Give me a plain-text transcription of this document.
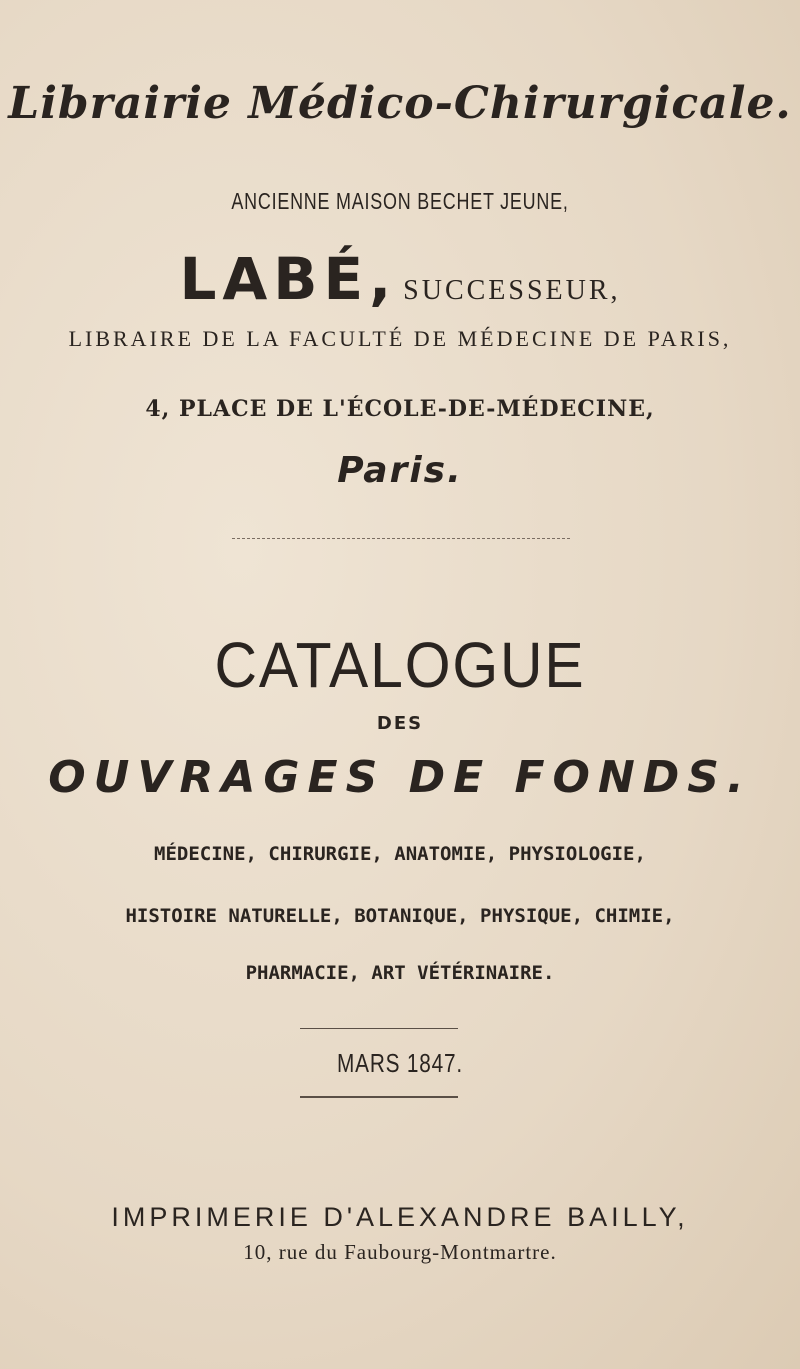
Librairie Médico-Chirurgicale.
ANCIENNE MAISON BECHET JEUNE,
LABÉ, SUCCESSEUR,
LIBRAIRE DE LA FACULTÉ DE MÉDECINE DE PARIS,
4, PLACE DE L'ÉCOLE-DE-MÉDECINE,
Paris.
CATALOGUE
DES
OUVRAGES DE FONDS.
MÉDECINE, CHIRURGIE, ANATOMIE, PHYSIOLOGIE,
HISTOIRE NATURELLE, BOTANIQUE, PHYSIQUE, CHIMIE,
PHARMACIE, ART VÉTÉRINAIRE.
MARS 1847.
IMPRIMERIE D'ALEXANDRE BAILLY,
10, rue du Faubourg-Montmartre.
